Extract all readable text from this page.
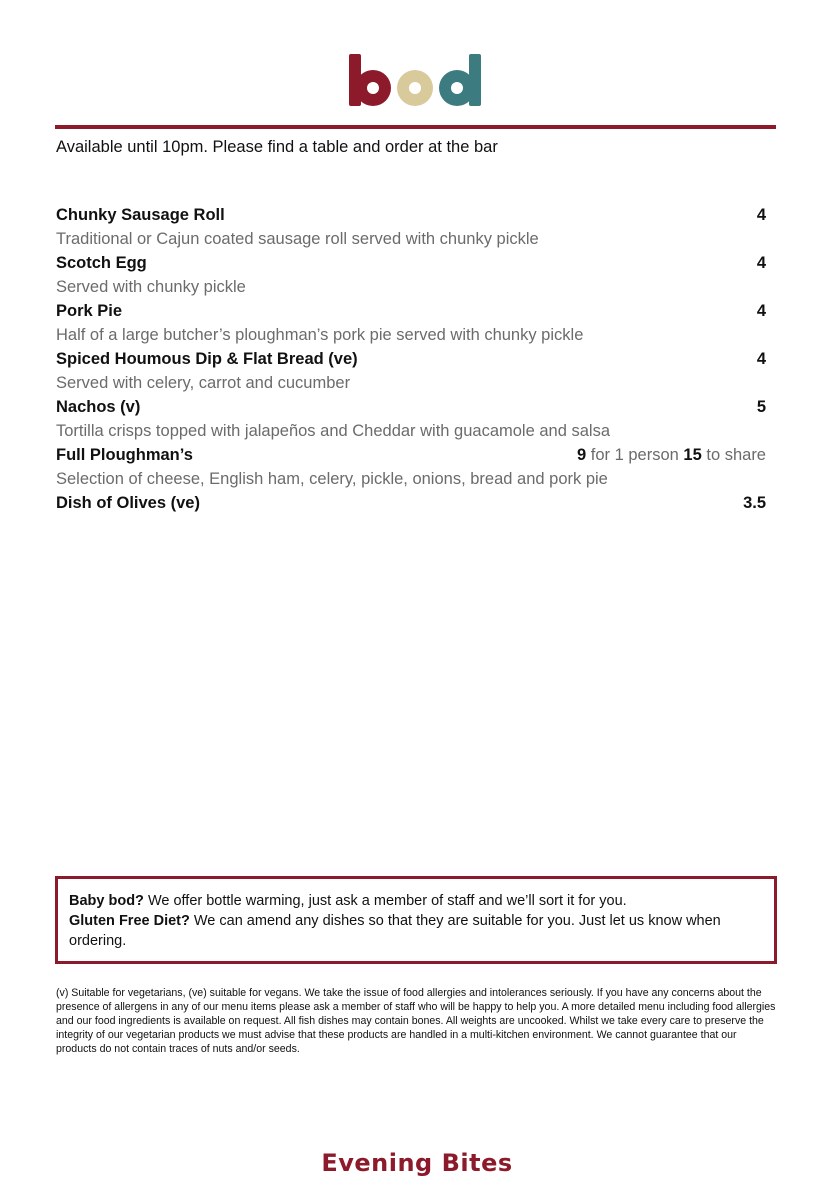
Available until 10pm. Please find a table and order at the bar
Chunky Sausage Roll	4
Traditional or Cajun coated sausage roll served with chunky pickle
Scotch Egg	4
Served with chunky pickle
Pork Pie	4
Half of a large butcher’s ploughman’s pork pie served with chunky pickle
Spiced Houmous Dip & Flat Bread (ve)	4
Served with celery, carrot and cucumber
Nachos (v)	5
Tortilla crisps topped with jalapeños and Cheddar with guacamole and salsa
Full Ploughman’s	9 for 1 person 15 to share
Selection of cheese, English ham, celery, pickle, onions, bread and pork pie
Dish of Olives (ve)	3.5
Baby bod? We offer bottle warming, just ask a member of staff and we’ll sort it for you.
Gluten Free Diet? We can amend any dishes so that they are suitable for you. Just let us know when ordering.
(v) Suitable for vegetarians, (ve) suitable for vegans. We take the issue of food allergies and intolerances seriously. If you have any concerns about the presence of allergens in any of our menu items please ask a member of staff who will be happy to help you. A more detailed menu including food allergies and our food ingredients is available on request. All fish dishes may contain bones. All weights are uncooked. Whilst we take every care to preserve the integrity of our vegetarian products we must advise that these products are handled in a multi-kitchen environment. We cannot guarantee that our products do not contain traces of nuts and/or seeds.
Evening Bites
